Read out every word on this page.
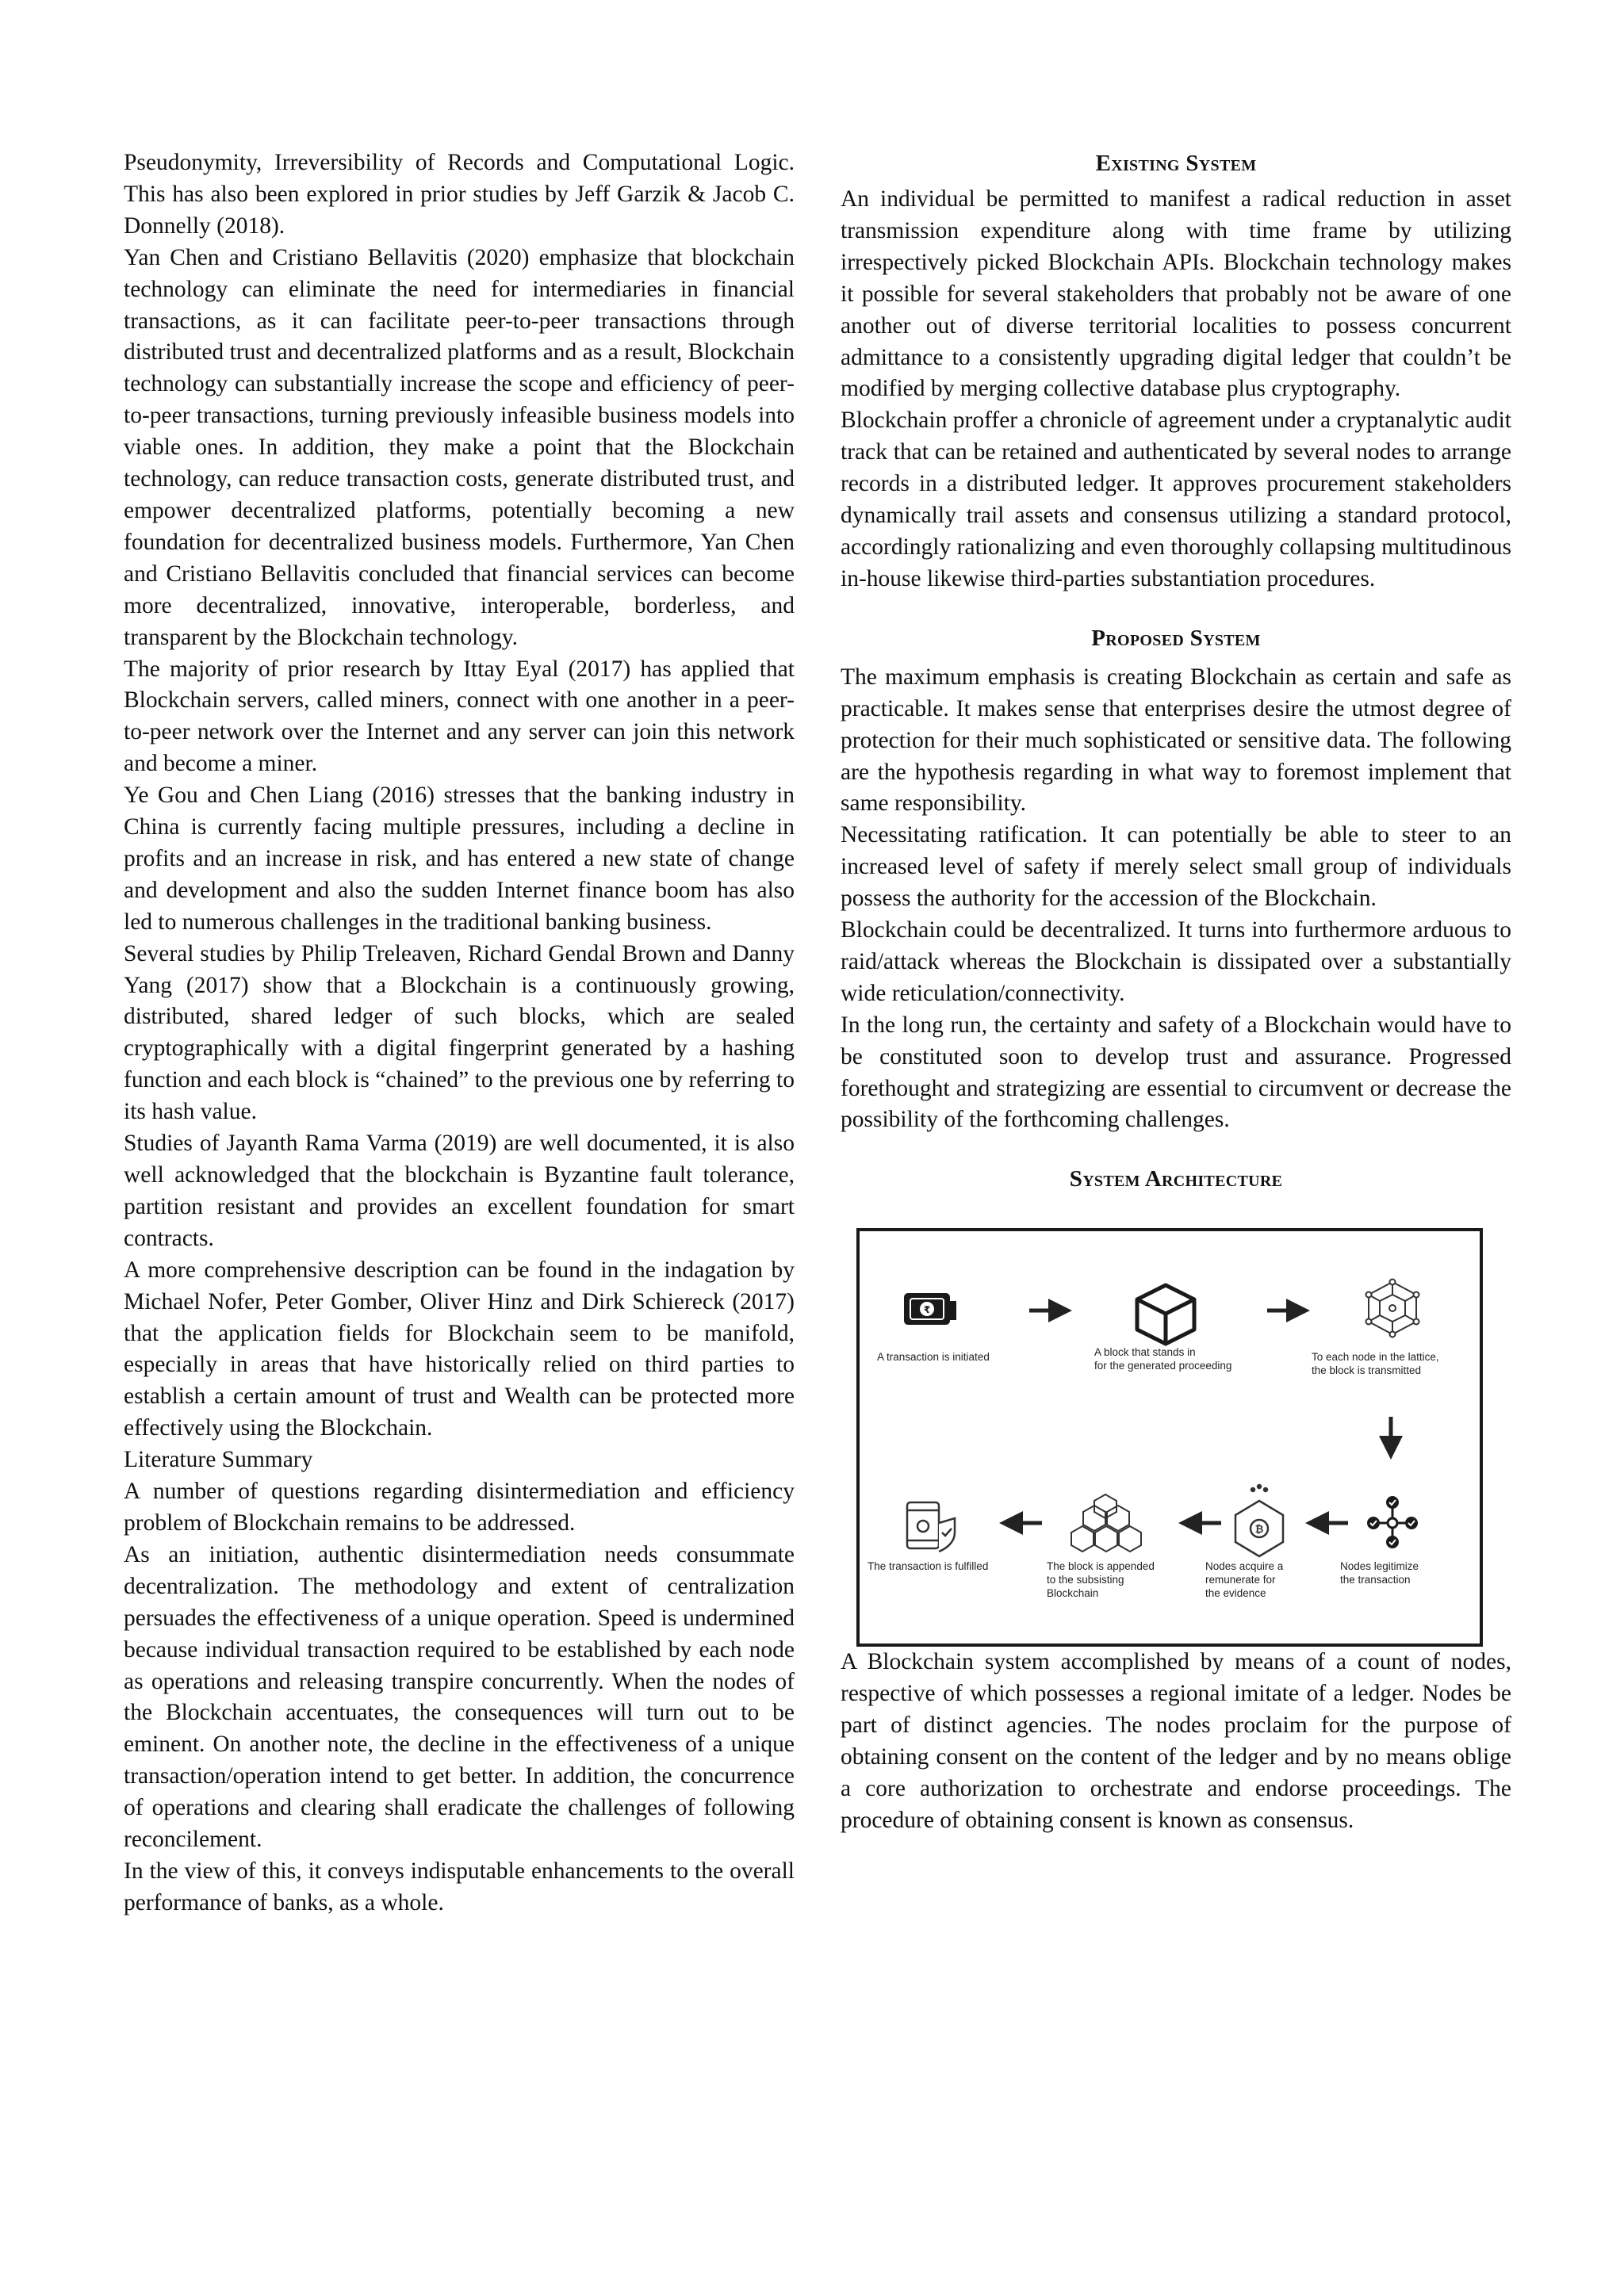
Pseudonymity, Irreversibility of Records and Computational Logic. This has also been explored in prior studies by Jeff Garzik & Jacob C. Donnelly (2018).

Yan Chen and Cristiano Bellavitis (2020) emphasize that blockchain technology can eliminate the need for intermediaries in financial transactions, as it can facilitate peer-to-peer transactions through distributed trust and decentralized platforms and as a result, Blockchain technology can substantially increase the scope and efficiency of peer-to-peer transactions, turning previously infeasible business models into viable ones. In addition, they make a point that the Blockchain technology, can reduce transaction costs, generate distributed trust, and empower decentralized platforms, potentially becoming a new foundation for decentralized business models. Furthermore, Yan Chen and Cristiano Bellavitis concluded that financial services can become more decentralized, innovative, interoperable, borderless, and transparent by the Blockchain technology.

The majority of prior research by Ittay Eyal (2017) has applied that Blockchain servers, called miners, connect with one another in a peer-to-peer network over the Internet and any server can join this network and become a miner.

Ye Gou and Chen Liang (2016) stresses that the banking industry in China is currently facing multiple pressures, including a decline in profits and an increase in risk, and has entered a new state of change and development and also the sudden Internet finance boom has also led to numerous challenges in the traditional banking business.

Several studies by Philip Treleaven, Richard Gendal Brown and Danny Yang (2017) show that a Blockchain is a continuously growing, distributed, shared ledger of such blocks, which are sealed cryptographically with a digital fingerprint generated by a hashing function and each block is “chained” to the previous one by referring to its hash value.

Studies of Jayanth Rama Varma (2019) are well documented, it is also well acknowledged that the blockchain is Byzantine fault tolerance, partition resistant and provides an excellent foundation for smart contracts.

A more comprehensive description can be found in the indagation by Michael Nofer, Peter Gomber, Oliver Hinz and Dirk Schiereck (2017) that the application fields for Blockchain seem to be manifold, especially in areas that have historically relied on third parties to establish a certain amount of trust and Wealth can be protected more effectively using the Blockchain.

Literature Summary

A number of questions regarding disintermediation and efficiency problem of Blockchain remains to be addressed.

As an initiation, authentic disintermediation needs consummate decentralization. The methodology and extent of centralization persuades the effectiveness of a unique operation. Speed is undermined because individual transaction required to be established by each node as operations and releasing transpire concurrently. When the nodes of the Blockchain accentuates, the consequences will turn out to be eminent. On another note, the decline in the effectiveness of a unique transaction/operation intend to get better. In addition, the concurrence of operations and clearing shall eradicate the challenges of following reconcilement.

In the view of this, it conveys indisputable enhancements to the overall performance of banks, as a whole.

Existing System

An individual be permitted to manifest a radical reduction in asset transmission expenditure along with time frame by utilizing irrespectively picked Blockchain APIs. Blockchain technology makes it possible for several stakeholders that probably not be aware of one another out of diverse territorial localities to possess concurrent admittance to a consistently upgrading digital ledger that couldn’t be modified by merging collective database plus cryptography.

Blockchain proffer a chronicle of agreement under a cryptanalytic audit track that can be retained and authenticated by several nodes to arrange records in a distributed ledger. It approves procurement stakeholders dynamically trail assets and consensus utilizing a standard protocol, accordingly rationalizing and even thoroughly collapsing multitudinous in-house likewise third-parties substantiation procedures.

Proposed System

The maximum emphasis is creating Blockchain as certain and safe as practicable. It makes sense that enterprises desire the utmost degree of protection for their much sophisticated or sensitive data. The following are the hypothesis regarding in what way to foremost implement that same responsibility.

Necessitating ratification. It can potentially be able to steer to an increased level of safety if merely select small group of individuals possess the authority for the accession of the Blockchain.

Blockchain could be decentralized. It turns into furthermore arduous to raid/attack whereas the Blockchain is dissipated over a substantially wide reticulation/connectivity.

In the long run, the certainty and safety of a Blockchain would have to be constituted soon to develop trust and assurance. Progressed forethought and strategizing are essential to circumvent or decrease the possibility of the forthcoming challenges.

System Architecture
₹
₿
A transaction is initiated	A block that stands in
for the generated proceeding
To each node in the lattice,
the block is transmitted
Nodes legitimize
the transaction
Nodes acquire a
remunerate for
the evidence
The block is appended
to the subsisting
Blockchain
The transaction is fulfilled

A Blockchain system accomplished by means of a count of nodes, respective of which possesses a regional imitate of a ledger. Nodes be part of distinct agencies. The nodes proclaim for the purpose of obtaining consent on the content of the ledger and by no means oblige a core authorization to orchestrate and endorse proceedings. The procedure of obtaining consent is known as consensus.
